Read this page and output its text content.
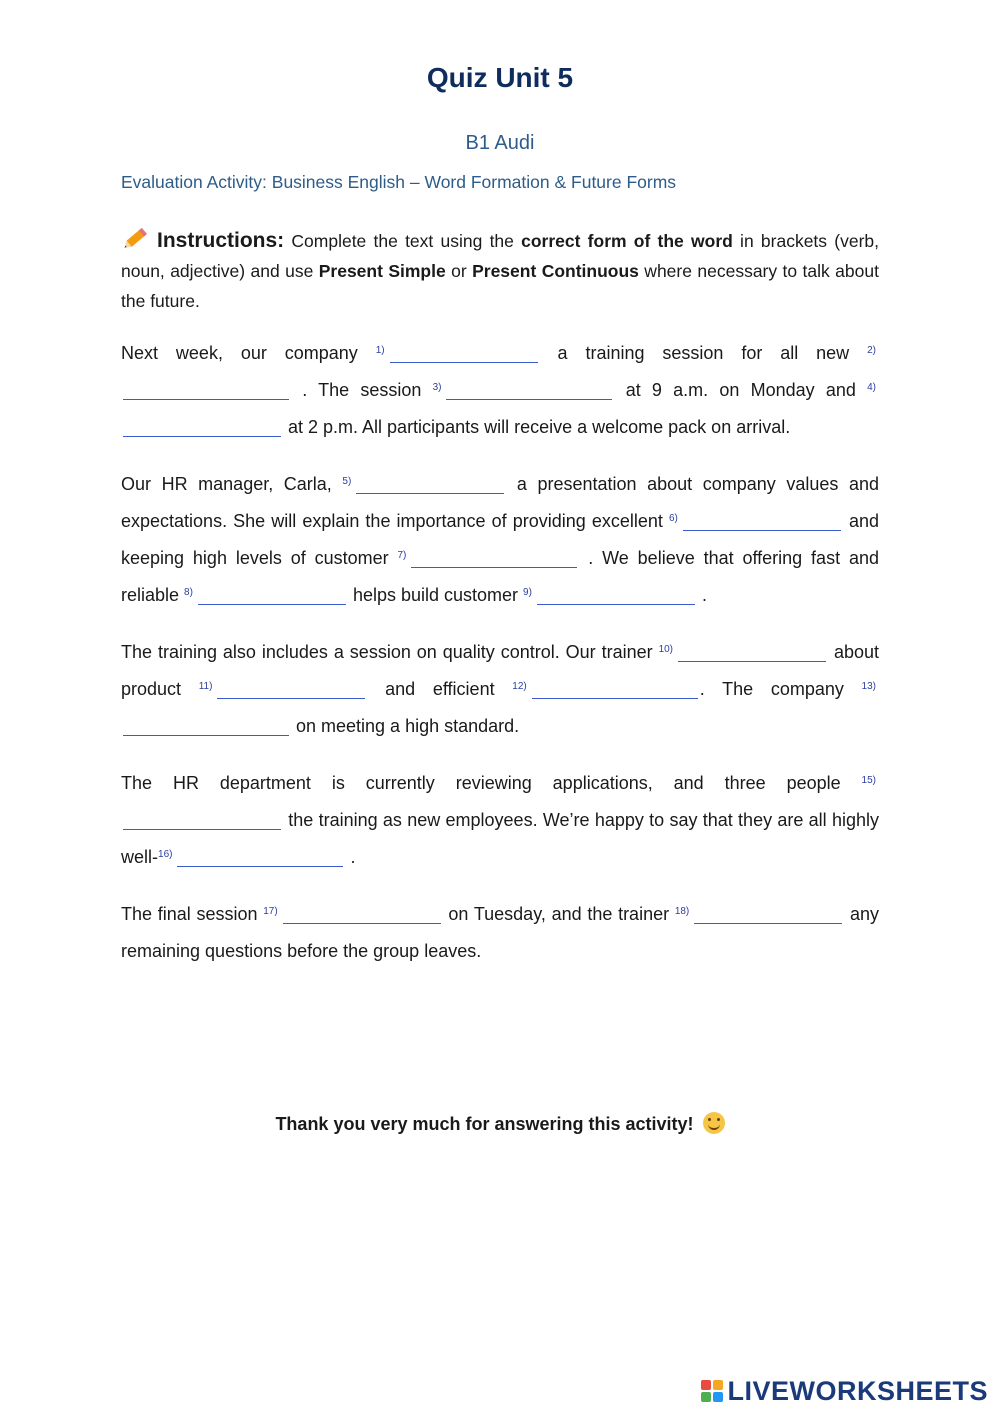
Quiz Unit 5
B1 Audi
Evaluation Activity: Business English – Word Formation & Future Forms
Instructions: Complete the text using the correct form of the word in brackets (verb, noun, adjective) and use Present Simple or Present Continuous where necessary to talk about the future.
Next week, our company $^{1)}$	a training session for all new $^{2)}$ . The session $^{3)}$	at 9 a.m. on Monday and $^{4)}$ at 2 p.m. All participants will receive a welcome pack on arrival.
Our HR manager, Carla, $^{5)}$	a presentation about company values and expectations. She will explain the importance of providing excellent $^{6)}$	and keeping high levels of customer $^{7)}$	. We believe that offering fast and reliable $^{8)}$	helps build customer $^{9)}$	.
The training also includes a session on quality control. Our trainer $^{10)}$	about product $^{11)}$	and efficient $^{12)}$	. The company $^{13)}$ on meeting a high standard.
The HR department is currently reviewing applications, and three people $^{15)}$ the training as new employees. We’re happy to say that they are all highly well-$^{16)}$	.
The final session $^{17)}$	on Tuesday, and the trainer $^{18)}$	any remaining questions before the group leaves.
Thank you very much for answering this activity!
LIVEWORKSHEETS
